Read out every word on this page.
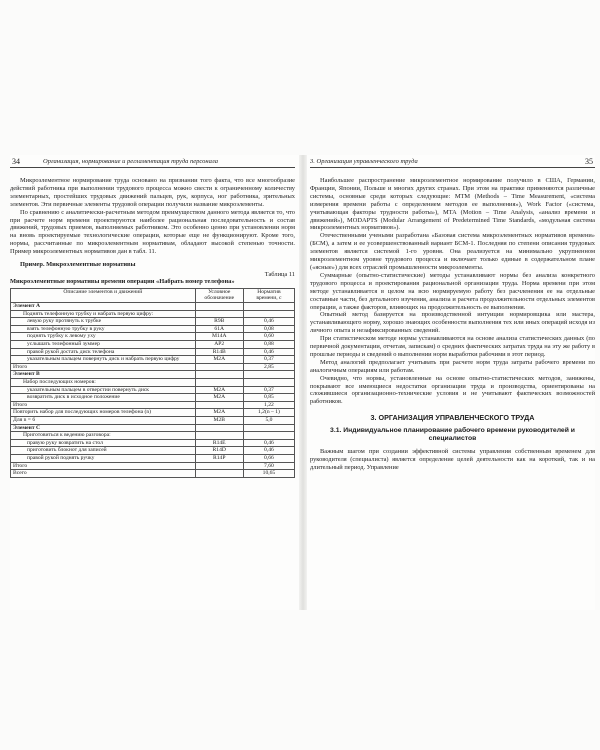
34	Организация, нормирование и регламентация труда персонала

Микроэлементное нормирование труда основано на признании того факта, что все многообразие действий работника при выполнении трудового процесса можно свести к ограниченному количеству элементарных, простейших трудовых движений пальцев, рук, корпуса, ног работника, зрительных элементов. Эти первичные элементы трудовой операции получили название микроэлементы.

По сравнению с аналитически-расчетным методом преимуществом данного метода является то, что при расчете норм времени проектируются наиболее рациональная последовательность и состав движений, трудовых приемов, выполняемых работником. Это особенно ценно при установлении норм на вновь проектируемые технологические операции, которые еще не функционируют. Кроме того, нормы, рассчитанные по микроэлементным нормативам, обладают высокой степенью точности. Пример микроэлементных нормативов дан в табл. 11.

Пример. Микроэлементные нормативы

Таблица 11

Микроэлементные нормативы времени операции «Набрать номер телефона»

Описание элементов и движений	Условное обозначение	Норматив времени, с
Элемент А		

Поднять телефонную трубку и набрать первую цифру:		

левую руку протянуть к трубке	R9B	0,46

взять телефонную трубку в руку	61A	0,08

поднять трубку к левому уху	M14A	0,60

услышать телефонный зуммер	AP2	0,88

правой рукой достать диск телефона	R14B	0,46

указательным пальцем повернуть диск и набрать первую цифру	M2A	0,37
Итого		2,85
Элемент В		

Набор последующих номеров:		

указательным пальцем в отверстии повернуть диск	M2A	0,37

возвратить диск в исходное положение	M2A	0,85
Итого		1,22
Повторить набор для последующих номеров телефона (n)	M2A	1,2(n – 1)
Для n = 6	M2B	5,0
Элемент С		

Приготовиться к ведению разговора:		

правую руку возвратить на стол	R14E	0,46

приготовить блокнот для записей	R14D	0,46

правой рукой поднять ручку	R14P	0,66
Итого		7,60
Всего		10,65
3. Организация управленческого труда	35

Наибольшее распространение микроэлементное нормирование получило в США, Германии, Франции, Японии, Польше и многих других странах. При этом на практике применяются различные системы, основные среди которых следующие: MTM (Methods – Time Measurement, «система измерения времени работы с определением методов ее выполнения»), Work Factor («система, учитывающая факторы трудности работы»), MTA (Motion – Time Analysis, «анализ времени и движений»), MODAPTS (Modular Arrangement of Predetermined Time Standards, «модульная система микроэлементных нормативов»).

Отечественными учеными разработана «Базовая система микроэлементных нормативов времени» (БСМ), а затем и ее усовершенствованный вариант БСМ-1. Последняя по степени описания трудовых элементов является системой 1-го уровня. Она реализуется на минимально укрупненном микроэлементном уровне трудового процесса и включает только единые в содержательном плане («ясные») для всех отраслей промышленности микроэлементы.

Суммарные (опытно-статистические) методы устанавливают нормы без анализа конкретного трудового процесса и проектирования рациональной организации труда. Норма времени при этом методе устанавливается в целом на всю нормируемую работу без расчленения ее на отдельные составные части, без детального изучения, анализа и расчета продолжительности отдельных элементов операции, а также факторов, влияющих на продолжительность ее выполнения.

Опытный метод базируется на производственной интуиции нормировщика или мастера, устанавливающего норму, хорошо знающих особенности выполнения тех или иных операций исходя из личного опыта и незафиксированных сведений.

При статистическом методе нормы устанавливаются на основе анализа статистических данных (по первичной документации, отчетам, запискам) о средних фактических затратах труда на эту же работу в прошлые периоды и сведений о выполнении норм выработки рабочими в этот период.

Метод аналогий предполагает учитывать при расчете норм труда затраты рабочего времени по аналогичным операциям или работам.

Очевидно, что нормы, установленные на основе опытно-статистических методов, занижены, покрывают все имеющиеся недостатки организации труда и производства, ориентированы на сложившиеся организационно-технические условия и не учитывают фактических возможностей работников.

3. ОРГАНИЗАЦИЯ УПРАВЛЕНЧЕСКОГО ТРУДА
3.1. Индивидуальное планирование рабочего времени руководителей и специалистов

Важным шагом при создании эффективной системы управления собственным временем для руководителя (специалиста) является определение целей деятельности как на короткий, так и на длительный период. Управление
